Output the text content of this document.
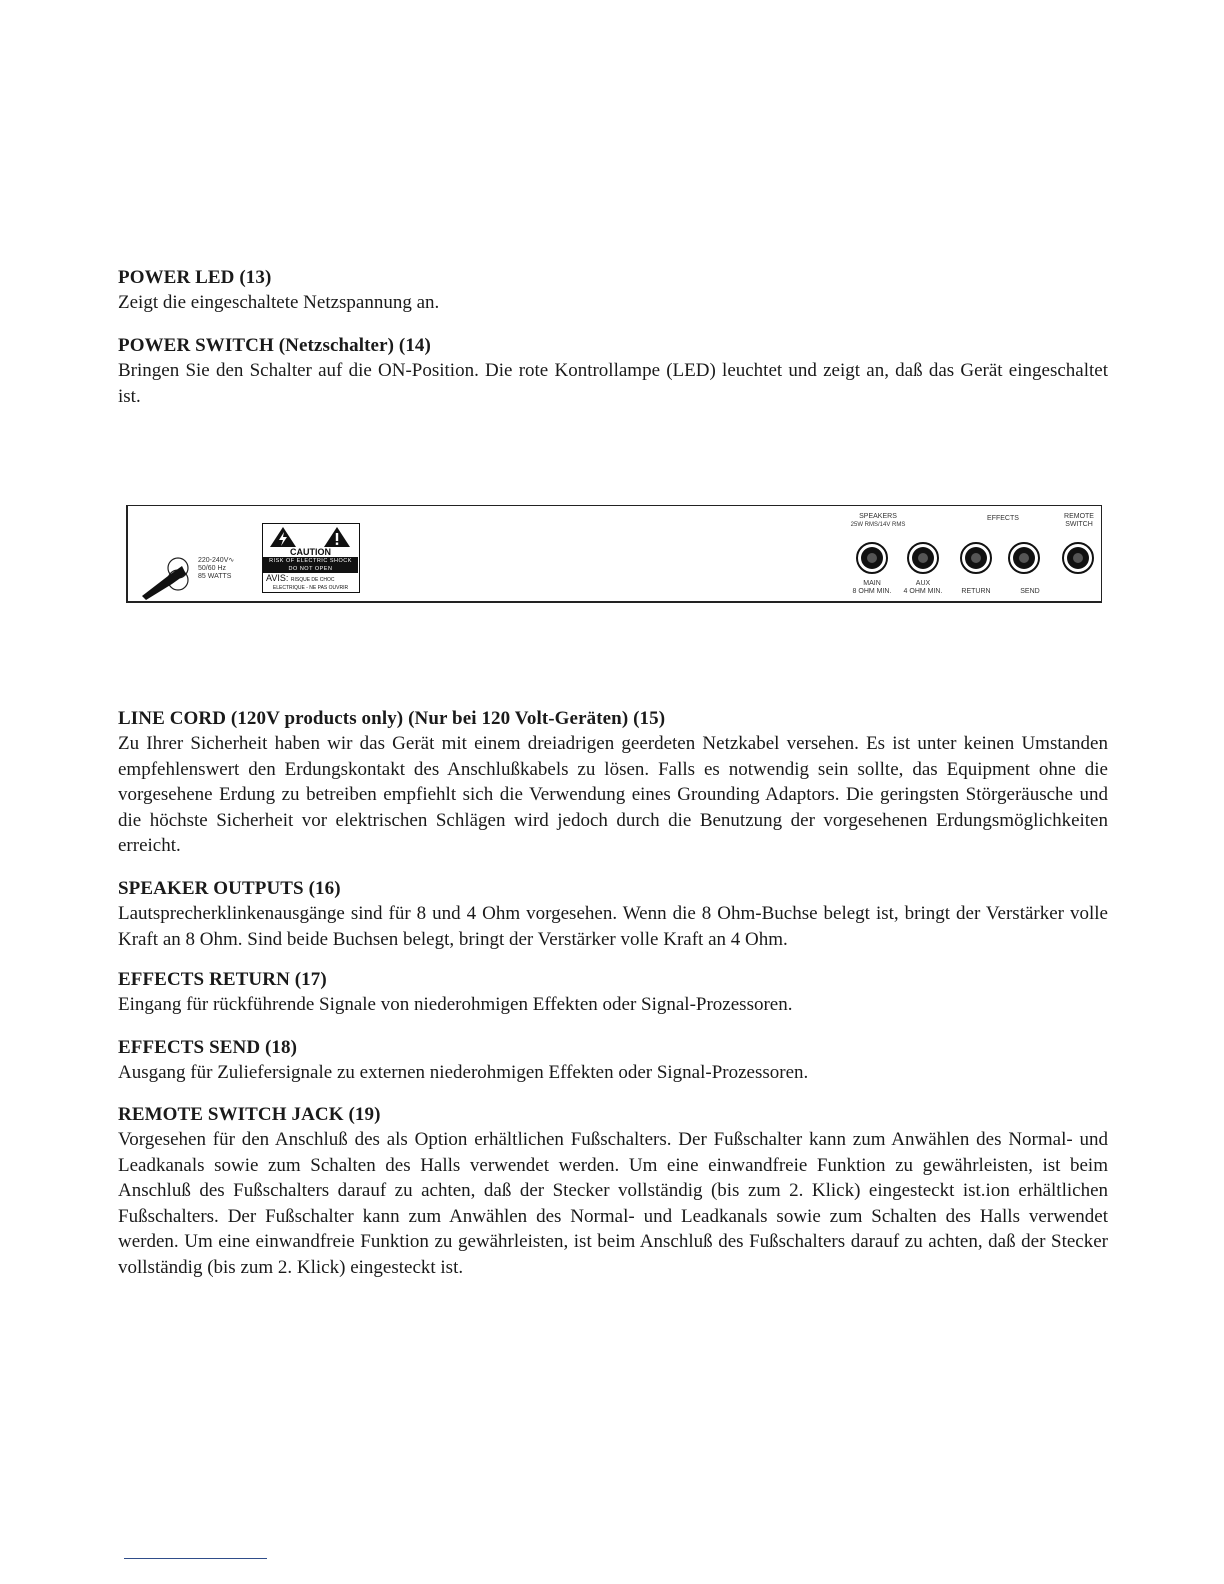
POWER LED (13)

Zeigt die eingeschaltete Netzspannung an.

POWER SWITCH (Netzschalter) (14)

Bringen Sie den Schalter auf die ON-Position. Die rote Kontrollampe (LED) leuchtet und zeigt an, daß das Gerät eingeschaltet ist.

220-240V∿
50/60 Hz
85 WATTS
CAUTION
RISK OF ELECTRIC SHOCK
DO NOT OPEN
AVIS: RISQUE DE CHOC
ELECTRIQUE - NE PAS OUVRIR
SPEAKERS
25W RMS/14V RMS
EFFECTS	REMOTE
SWITCH
MAIN
8 OHM MIN.
AUX
4 OHM MIN.	RETURN	SEND
LINE CORD (120V products only) (Nur bei 120 Volt-Geräten) (15)

Zu Ihrer Sicherheit haben wir das Gerät mit einem dreiadrigen geerdeten Netzkabel versehen. Es ist unter keinen Umstanden empfehlenswert den Erdungskontakt des Anschlußkabels zu lösen. Falls es notwendig sein sollte, das Equipment ohne die vorgesehene Erdung zu betreiben empfiehlt sich die Verwendung eines Grounding Adaptors. Die geringsten Störgeräusche und die höchste Sicherheit vor elektrischen Schlägen wird jedoch durch die Benutzung der vorgesehenen Erdungsmöglichkeiten erreicht.

SPEAKER OUTPUTS (16)

Lautsprecherklinkenausgänge sind für 8 und 4 Ohm vorgesehen. Wenn die 8 Ohm-Buchse belegt ist, bringt der Verstärker volle Kraft an 8 Ohm. Sind beide Buchsen belegt, bringt der Verstärker volle Kraft an 4 Ohm.

EFFECTS RETURN (17)

Eingang für rückführende Signale von niederohmigen Effekten oder Signal-Prozessoren.

EFFECTS SEND (18)

Ausgang für Zuliefersignale zu externen niederohmigen Effekten oder Signal-Prozessoren.

REMOTE SWITCH JACK (19)

Vorgesehen für den Anschluß des als Option erhältlichen Fußschalters. Der Fußschalter kann zum Anwählen des Normal- und Leadkanals sowie zum Schalten des Halls verwendet werden. Um eine einwandfreie Funktion zu gewährleisten, ist beim Anschluß des Fußschalters darauf zu achten, daß der Stecker vollständig (bis zum 2. Klick) eingesteckt ist.ion erhältlichen Fußschalters. Der Fußschalter kann zum Anwählen des Normal- und Leadkanals sowie zum Schalten des Halls verwendet werden. Um eine einwandfreie Funktion zu gewährleisten, ist beim Anschluß des Fußschalters darauf zu achten, daß der Stecker vollständig (bis zum 2. Klick) eingesteckt ist.
